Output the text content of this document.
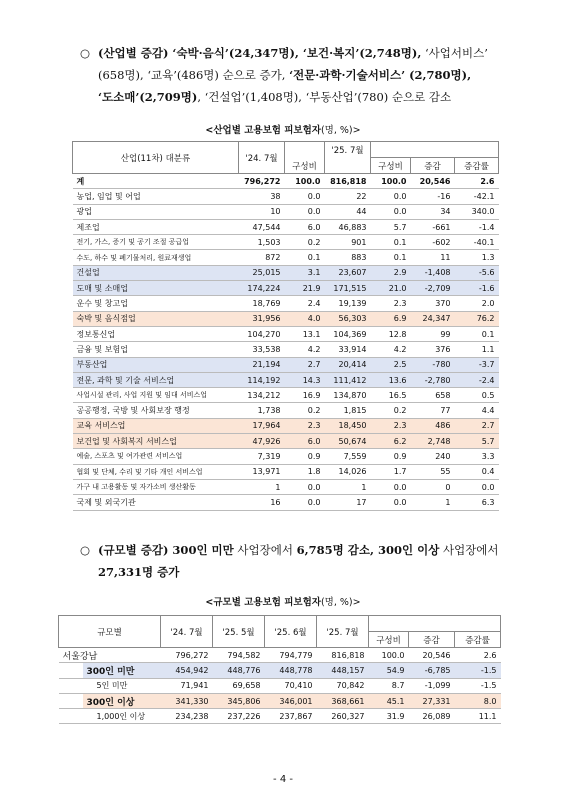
○ (산업별 증감) ‘숙박·음식’(24,347명), ‘보건·복지’(2,748명), ‘사업서비스’
(658명), ‘교육’(486명) 순으로 증가, ‘전문·과학·기술서비스’ (2,780명),
‘도소매’(2,709명), ‘건설업’(1,408명), ‘부동산업’(780) 순으로 감소
<산업별 고용보험 피보험자(명, %)>
산업(11차) 대분류	'24. 7월	구성비	'25. 7월			
				구성비	증감	증감률
계	796,272	100.0	816,818	100.0	20,546	2.6
농업, 임업 및 어업	38	0.0	22	0.0	-16	-42.1
광업	10	0.0	44	0.0	34	340.0
제조업	47,544	6.0	46,883	5.7	-661	-1.4
전기, 가스, 증기 및 공기 조절 공급업	1,503	0.2	901	0.1	-602	-40.1
수도, 하수 및 폐기물처리, 원료재생업	872	0.1	883	0.1	11	1.3
건설업	25,015	3.1	23,607	2.9	-1,408	-5.6
도매 및 소매업	174,224	21.9	171,515	21.0	-2,709	-1.6
운수 및 창고업	18,769	2.4	19,139	2.3	370	2.0
숙박 및 음식점업	31,956	4.0	56,303	6.9	24,347	76.2
정보통신업	104,270	13.1	104,369	12.8	99	0.1
금융 및 보험업	33,538	4.2	33,914	4.2	376	1.1
부동산업	21,194	2.7	20,414	2.5	-780	-3.7
전문, 과학 및 기술 서비스업	114,192	14.3	111,412	13.6	-2,780	-2.4
사업시설 관리, 사업 지원 및 임대 서비스업	134,212	16.9	134,870	16.5	658	0.5
공공행정, 국방 및 사회보장 행정	1,738	0.2	1,815	0.2	77	4.4
교육 서비스업	17,964	2.3	18,450	2.3	486	2.7
보건업 및 사회복지 서비스업	47,926	6.0	50,674	6.2	2,748	5.7
예술, 스포츠 및 여가관련 서비스업	7,319	0.9	7,559	0.9	240	3.3
협회 및 단체, 수리 및 기타 개인 서비스업	13,971	1.8	14,026	1.7	55	0.4
가구 내 고용활동 및 자가소비 생산활동	1	0.0	1	0.0	0	0.0
국제 및 외국기관	16	0.0	17	0.0	1	6.3
○ (규모별 증감) 300인 미만 사업장에서 6,785명 감소, 300인 이상 사업장에서
27,331명 증가
<규모별 고용보험 피보험자(명, %)>
규모별		'24. 7월	'25. 5월	'25. 6월	'25. 7월			
						구성비	증감	증감률
서울강남		796,272	794,582	794,779	816,818	100.0	20,546	2.6
	300인 미만	454,942	448,776	448,778	448,157	54.9	-6,785	-1.5
	5인 미만	71,941	69,658	70,410	70,842	8.7	-1,099	-1.5
	300인 이상	341,330	345,806	346,001	368,661	45.1	27,331	8.0
	1,000인 이상	234,238	237,226	237,867	260,327	31.9	26,089	11.1
- 4 -
